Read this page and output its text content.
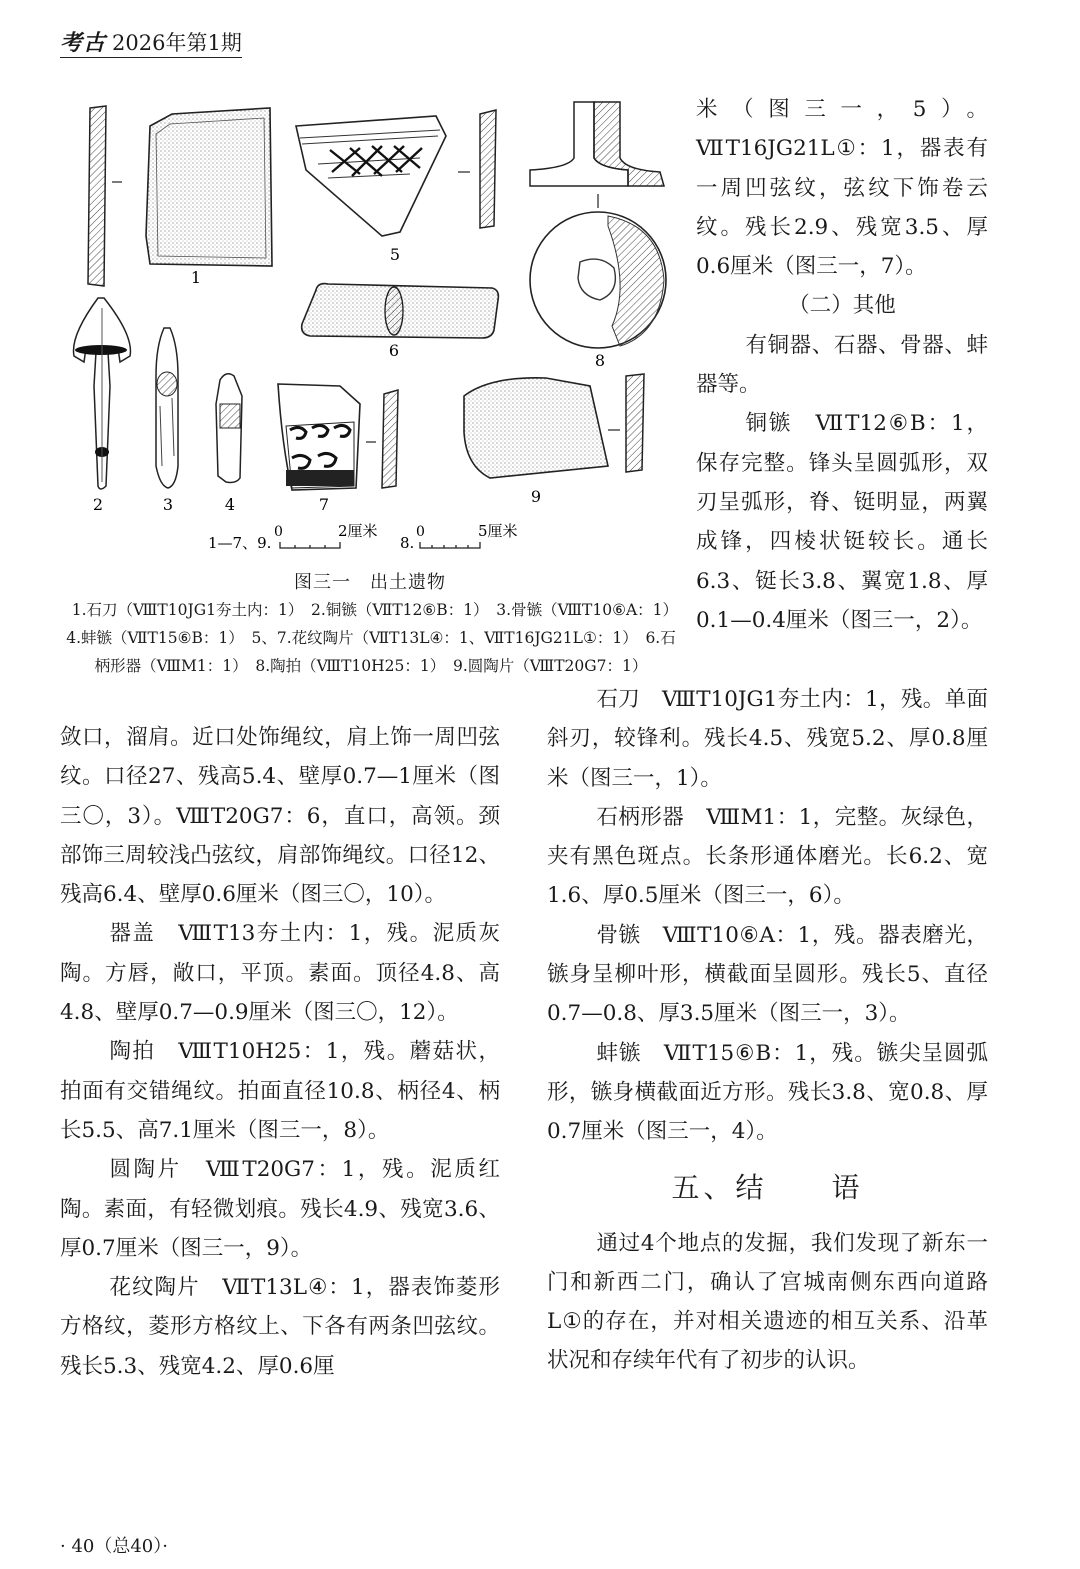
考古 2026年第1期
1
5
8
6
2	3	4	7	9
1—7、9.
0	2厘米
8.
0	5厘米
图三一　出土遗物
1.石刀（ⅧT10JG1夯土内：1）　2.铜镞（ⅦT12⑥B：1）　3.骨镞（ⅧT10⑥A：1）　4.蚌镞（ⅦT15⑥B：1）　5、7.花纹陶片（ⅦT13L④：1、ⅦT16JG21L①：1）　6.石柄形器（ⅧM1：1）　8.陶拍（ⅧT10H25：1）　9.圆陶片（ⅧT20G7：1）

米（图三一，5）。ⅦT16JG21L①：1，器表有一周凹弦纹，弦纹下饰卷云纹。残长2.9、残宽3.5、厚0.6厘米（图三一，7）。

（二）其他

有铜器、石器、骨器、蚌器等。

铜镞　ⅦT12⑥B：1，保存完整。锋头呈圆弧形，双刃呈弧形，脊、铤明显，两翼成锋，四棱状铤较长。通长6.3、铤长3.8、翼宽1.8、厚0.1—0.4厘米（图三一，2）。

敛口，溜肩。近口处饰绳纹，肩上饰一周凹弦纹。口径27、残高5.4、壁厚0.7—1厘米（图三〇，3）。ⅧT20G7：6，直口，高领。颈部饰三周较浅凸弦纹，肩部饰绳纹。口径12、残高6.4、壁厚0.6厘米（图三〇，10）。

器盖　ⅧT13夯土内：1，残。泥质灰陶。方唇，敞口，平顶。素面。顶径4.8、高4.8、壁厚0.7—0.9厘米（图三〇，12）。

陶拍　ⅧT10H25：1，残。蘑菇状，拍面有交错绳纹。拍面直径10.8、柄径4、柄长5.5、高7.1厘米（图三一，8）。

圆陶片　ⅧT20G7：1，残。泥质红陶。素面，有轻微划痕。残长4.9、残宽3.6、厚0.7厘米（图三一，9）。

花纹陶片　ⅦT13L④：1，器表饰菱形方格纹，菱形方格纹上、下各有两条凹弦纹。残长5.3、残宽4.2、厚0.6厘

石刀　ⅧT10JG1夯土内：1，残。单面斜刃，较锋利。残长4.5、残宽5.2、厚0.8厘米（图三一，1）。

石柄形器　ⅧM1：1，完整。灰绿色，夹有黑色斑点。长条形通体磨光。长6.2、宽1.6、厚0.5厘米（图三一，6）。

骨镞　ⅧT10⑥A：1，残。器表磨光，镞身呈柳叶形，横截面呈圆形。残长5、直径0.7—0.8、厚3.5厘米（图三一，3）。

蚌镞　ⅦT15⑥B：1，残。镞尖呈圆弧形，镞身横截面近方形。残长3.8、宽0.8、厚0.7厘米（图三一，4）。

五、结　　语

通过4个地点的发掘，我们发现了新东一门和新西二门，确认了宫城南侧东西向道路L①的存在，并对相关遗迹的相互关系、沿革状况和存续年代有了初步的认识。

· 40（总40）·
